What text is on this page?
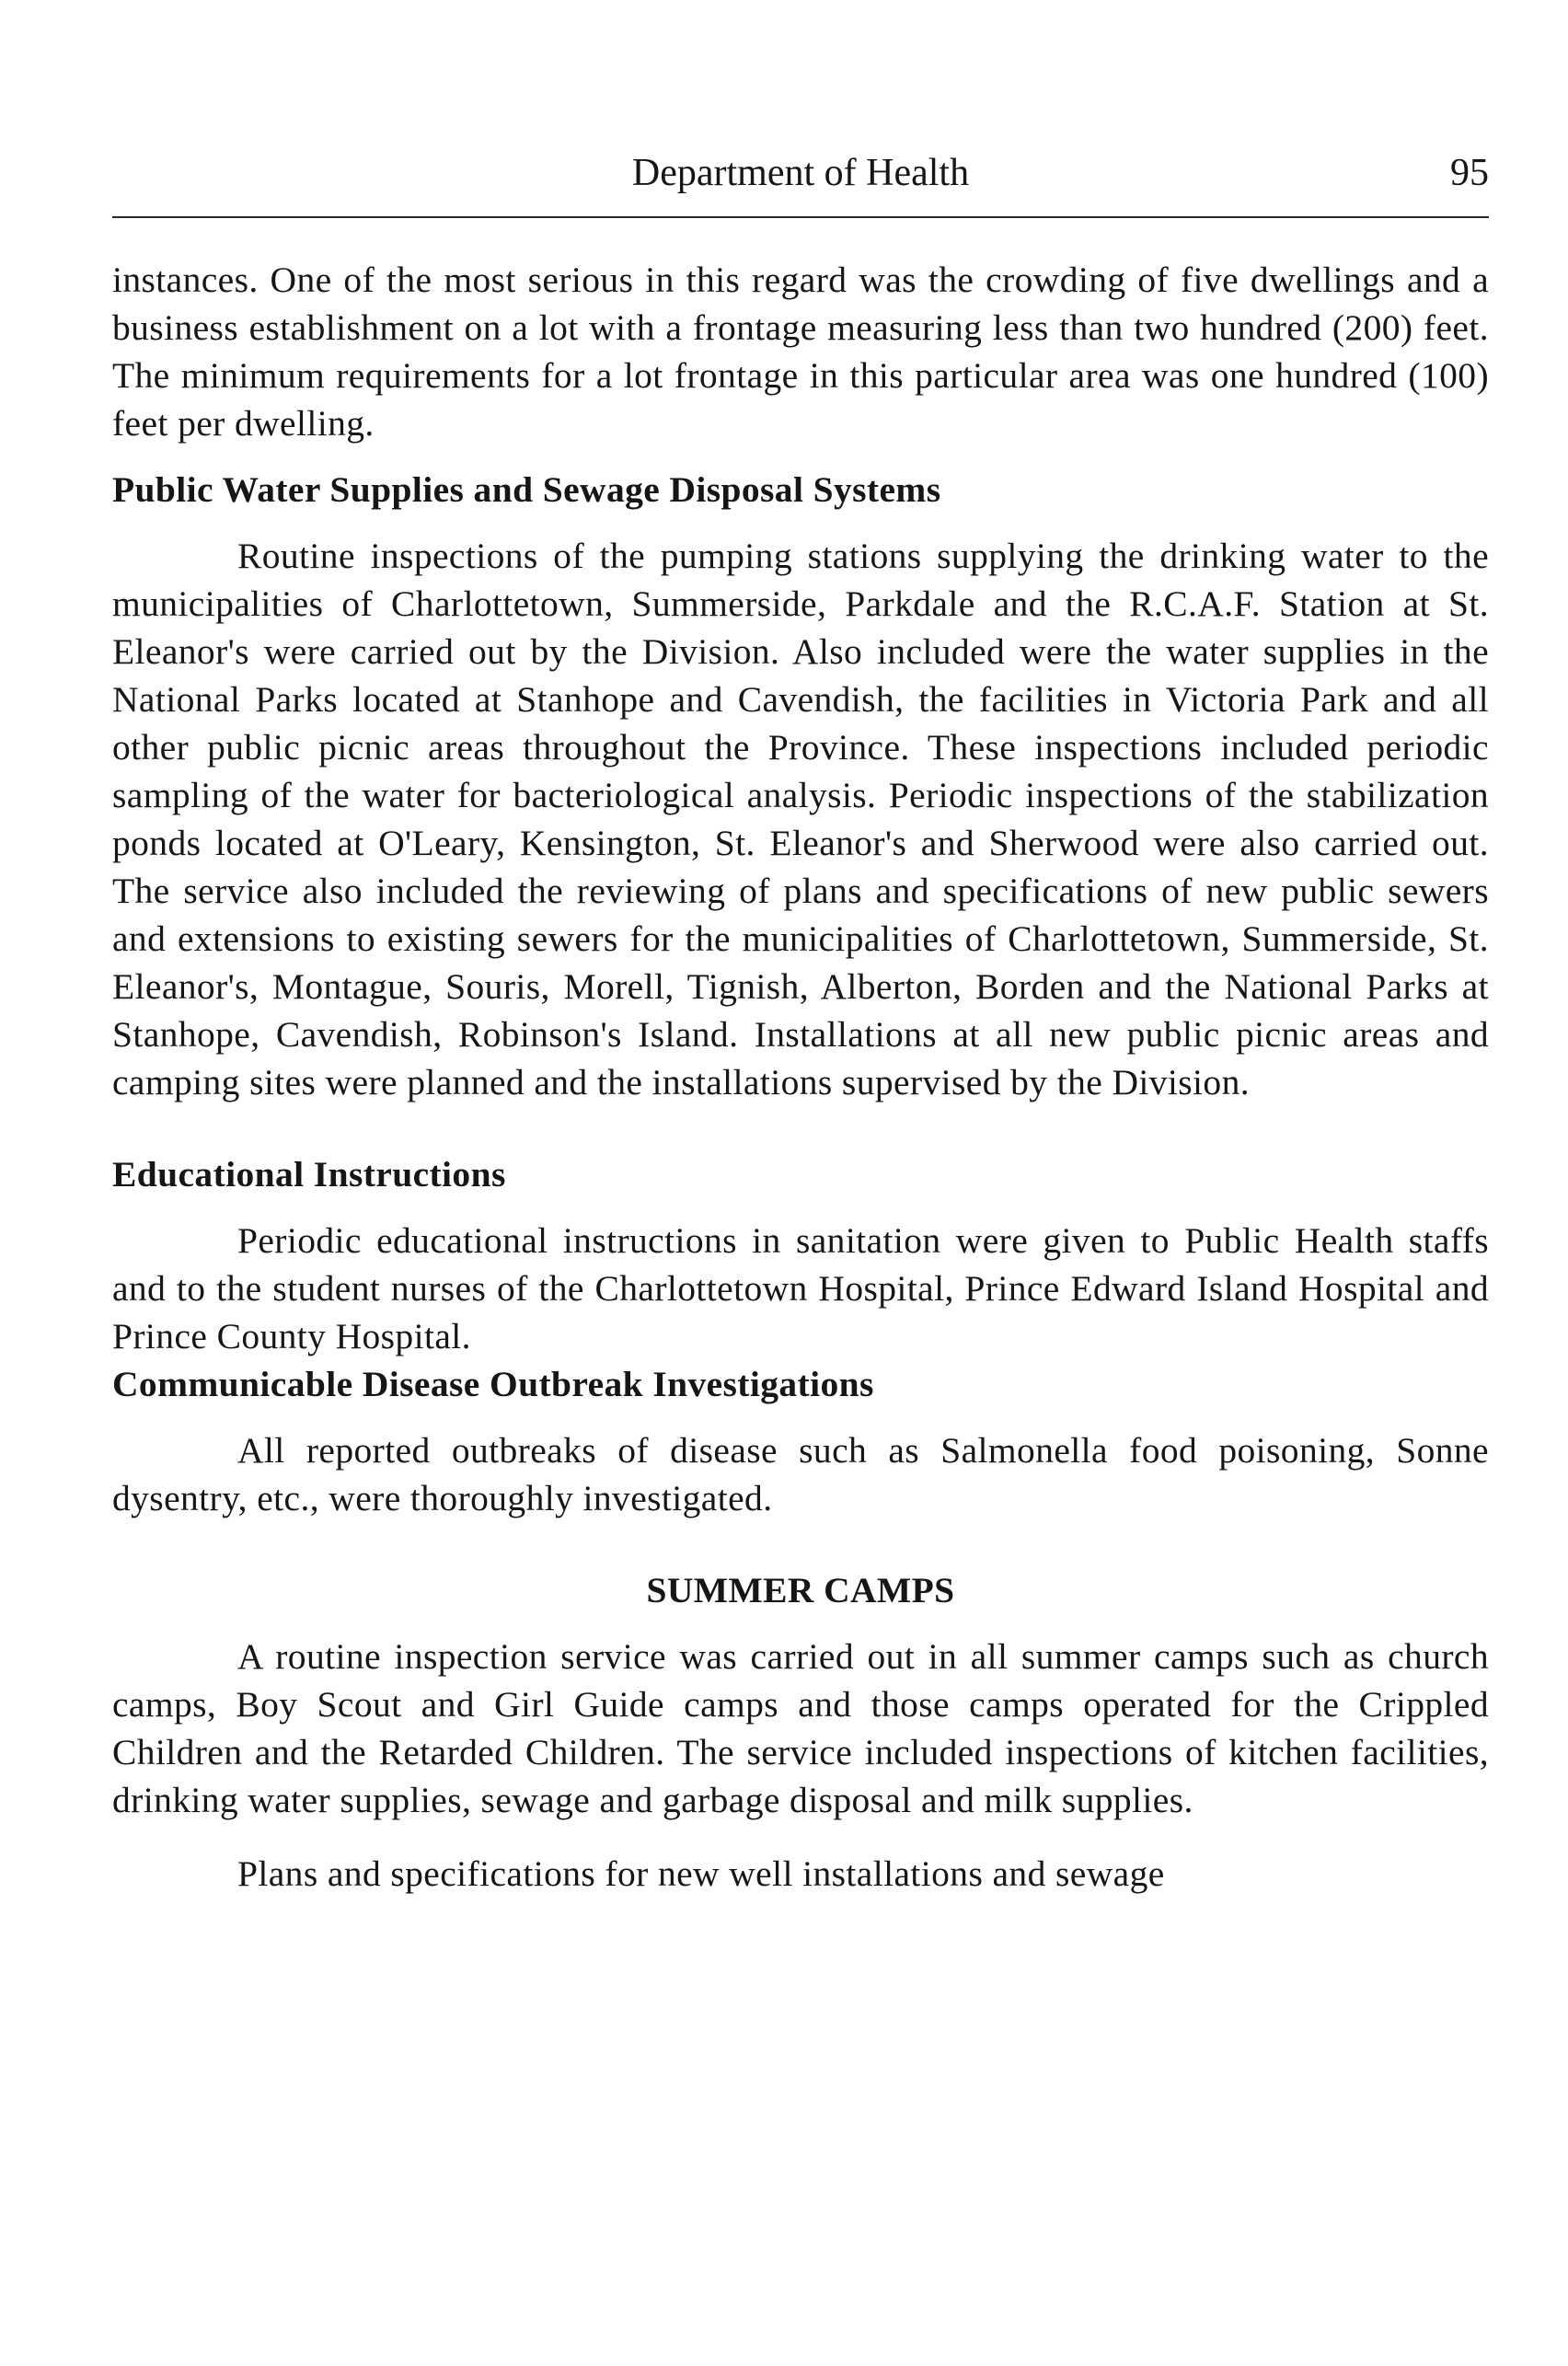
Department of Health	95

instances. One of the most serious in this regard was the crowding of five dwellings and a business establishment on a lot with a frontage measuring less than two hundred (200) feet. The minimum requirements for a lot frontage in this particular area was one hundred (100) feet per dwelling.

Public Water Supplies and Sewage Disposal Systems

Routine inspections of the pumping stations supplying the drinking water to the municipalities of Charlottetown, Summerside, Parkdale and the R.C.A.F. Station at St. Eleanor's were carried out by the Division. Also included were the water supplies in the National Parks located at Stanhope and Cavendish, the facilities in Victoria Park and all other public picnic areas throughout the Province. These inspections included periodic sampling of the water for bacteriological analysis. Periodic inspections of the stabilization ponds located at O'Leary, Kensington, St. Eleanor's and Sherwood were also carried out. The service also included the reviewing of plans and specifications of new public sewers and extensions to existing sewers for the municipalities of Charlottetown, Summerside, St. Eleanor's, Montague, Souris, Morell, Tignish, Alberton, Borden and the National Parks at Stanhope, Cavendish, Robinson's Island. Installations at all new public picnic areas and camping sites were planned and the installations supervised by the Division.

Educational Instructions

Periodic educational instructions in sanitation were given to Public Health staffs and to the student nurses of the Charlottetown Hospital, Prince Edward Island Hospital and Prince County Hospital.

Communicable Disease Outbreak Investigations

All reported outbreaks of disease such as Salmonella food poisoning, Sonne dysentry, etc., were thoroughly investigated.

SUMMER CAMPS

A routine inspection service was carried out in all summer camps such as church camps, Boy Scout and Girl Guide camps and those camps operated for the Crippled Children and the Retarded Children. The service included inspections of kitchen facilities, drinking water supplies, sewage and garbage disposal and milk supplies.

Plans and specifications for new well installations and sewage
